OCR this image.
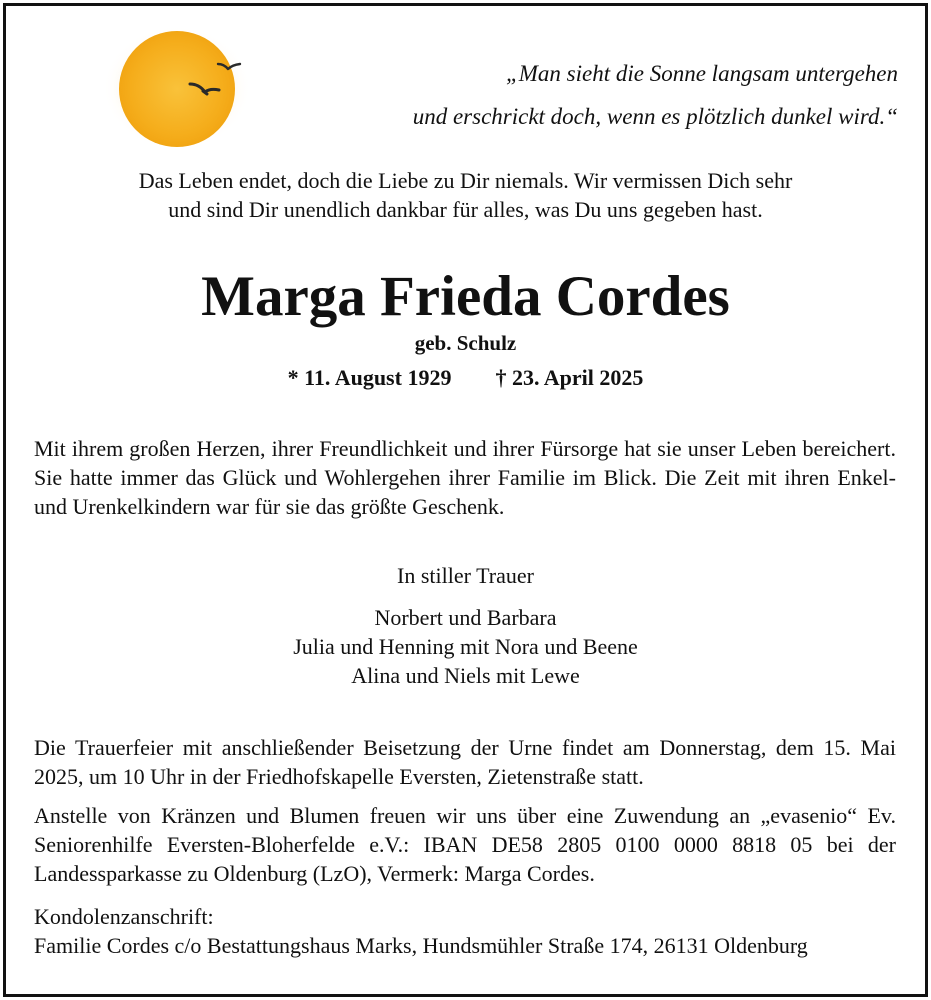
„Man sieht die Sonne langsam untergehen
und erschrickt doch, wenn es plötzlich dunkel wird.“
Das Leben endet, doch die Liebe zu Dir niemals. Wir vermissen Dich sehr
und sind Dir unendlich dankbar für alles, was Du uns gegeben hast.
Marga Frieda Cordes
geb. Schulz
* 11. August 1929 † 23. April 2025
Mit ihrem großen Herzen, ihrer Freundlichkeit und ihrer Fürsorge hat sie unser Leben bereichert. Sie hatte immer das Glück und Wohlergehen ihrer Familie im Blick. Die Zeit mit ihren Enkel- und Urenkelkindern war für sie das größte Geschenk.
In stiller Trauer
Norbert und Barbara
Julia und Henning mit Nora und Beene
Alina und Niels mit Lewe
Die Trauerfeier mit anschließender Beisetzung der Urne findet am Donnerstag, dem 15. Mai 2025, um 10 Uhr in der Friedhofskapelle Eversten, Zietenstraße statt.
Anstelle von Kränzen und Blumen freuen wir uns über eine Zuwendung an „evasenio“ Ev. Seniorenhilfe Eversten-Bloherfelde e.V.: IBAN DE58 2805 0100 0000 8818 05 bei der Landessparkasse zu Oldenburg (LzO), Vermerk: Marga Cordes.
Kondolenzanschrift:
Familie Cordes c/o Bestattungshaus Marks, Hundsmühler Straße 174, 26131 Oldenburg
